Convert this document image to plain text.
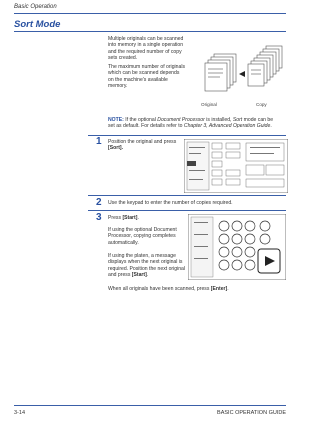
Basic Operation
Sort Mode
Multiple originals can be scanned
into memory in a single operation
and the required number of copy
sets created.
The maximum number of originals
which can be scanned depends
on the machine's available
memory.
Original	Copy
NOTE: If the optional Document Processor is installed, Sort mode can be
set as default. For details refer to Chapter 3, Advanced Operation Guide.
1 Position the original and press
[Sort].
2 Use the keypad to enter the number of copies required.
3 Press [Start].
If using the optional Document
Processor, copying completes
automatically.
If using the platen, a message
displays when the next original is
required. Position the next original
and press [Start].
When all originals have been scanned, press [Enter].
3-14	BASIC OPERATION GUIDE
